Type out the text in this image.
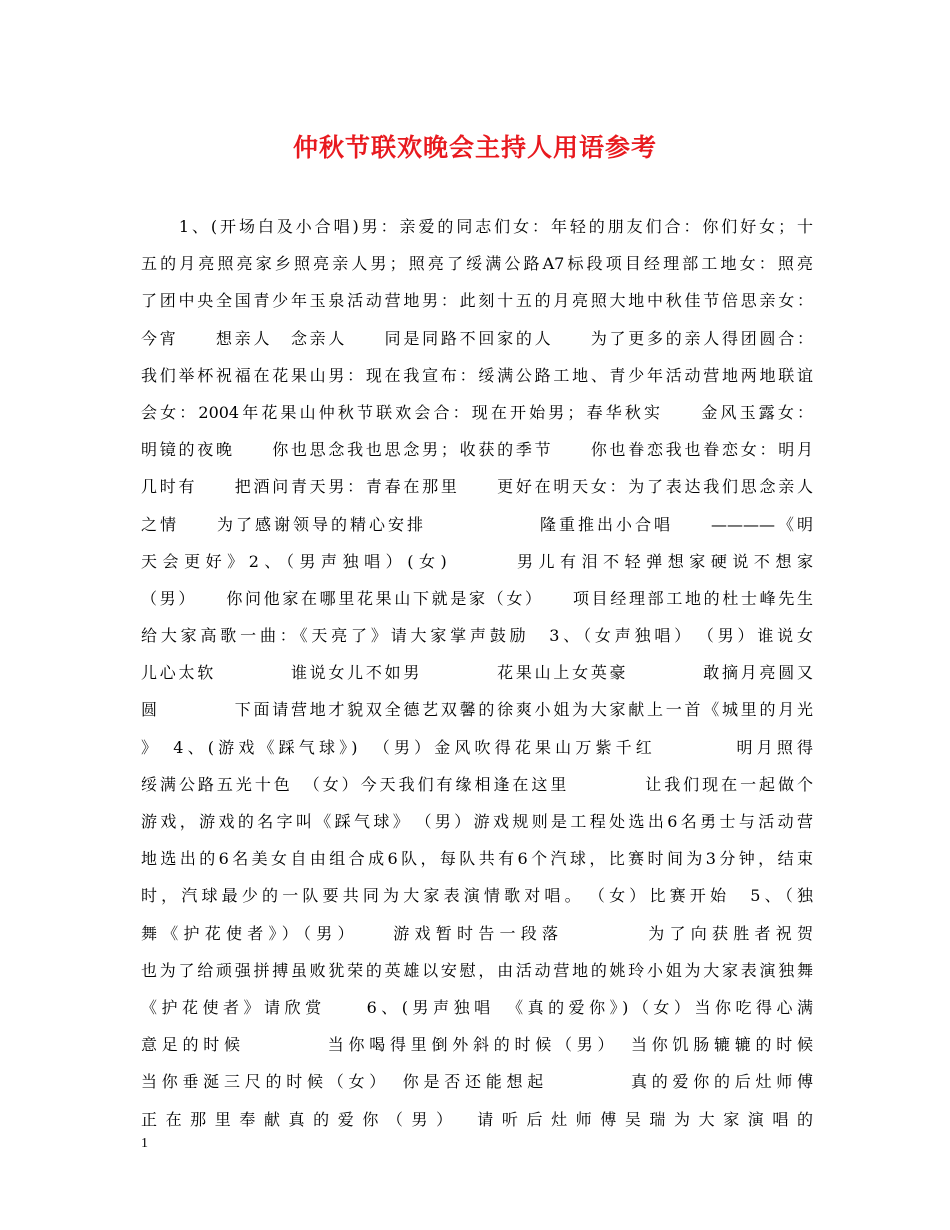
仲秋节联欢晚会主持人用语参考
　　1、(开场白及小合唱)男：亲爱的同志们女：年轻的朋友们合：你们好女；十
五的月亮照亮家乡照亮亲人男；照亮了绥满公路A7标段项目经理部工地女：照亮
了团中央全国青少年玉泉活动营地男：此刻十五的月亮照大地中秋佳节倍思亲女：
今宵　　想亲人　念亲人　　同是同路不回家的人　　为了更多的亲人得团圆合：
我们举杯祝福在花果山男：现在我宣布：绥满公路工地、青少年活动营地两地联谊
会女：2004年花果山仲秋节联欢会合：现在开始男；春华秋实　　金风玉露女：
明镜的夜晚　　你也思念我也思念男；收获的季节　　你也眷恋我也眷恋女：明月
几时有　　把酒问青天男：青春在那里　　更好在明天女：为了表达我们思念亲人
之情　　为了感谢领导的精心安排　　　　　　隆重推出小合唱　　————《明
天会更好》2、（男声独唱）(女)　　　男儿有泪不轻弹想家硬说不想家
（男）　　你问他家在哪里花果山下就是家（女）　　项目经理部工地的杜士峰先生
给大家高歌一曲：《天亮了》请大家掌声鼓励　3、（女声独唱）　（男）谁说女
儿心太软　　　　谁说女儿不如男　　　　花果山上女英豪　　　　敢摘月亮圆又
圆　　　　下面请营地才貌双全德艺双馨的徐爽小姐为大家献上一首《城里的月光
》　4、(游戏《踩气球》)　（男）金风吹得花果山万紫千红　　　　明月照得
绥满公路五光十色　（女）今天我们有缘相逢在这里　　　　让我们现在一起做个
游戏，游戏的名字叫《踩气球》　（男）游戏规则是工程处选出6名勇士与活动营
地选出的6名美女自由组合成6队，每队共有6个汽球，比赛时间为3分钟，结束
时，汽球最少的一队要共同为大家表演情歌对唱。　（女）比赛开始　5、（独
舞《护花使者》）（男）　　游戏暂时告一段落　　　　为了向获胜者祝贺
也为了给顽强拼搏虽败犹荣的英雄以安慰，由活动营地的姚玲小姐为大家表演独舞
《护花使者》请欣赏　　6、(男声独唱　《真的爱你》)（女）当你吃得心满
意足的时候　　　　当你喝得里倒外斜的时候（男）　当你饥肠辘辘的时候
当你垂涎三尺的时候（女）　你是否还能想起　　　　真的爱你的后灶师傅
正在那里奉献真的爱你（男）　请听后灶师傅吴瑞为大家演唱的
1
